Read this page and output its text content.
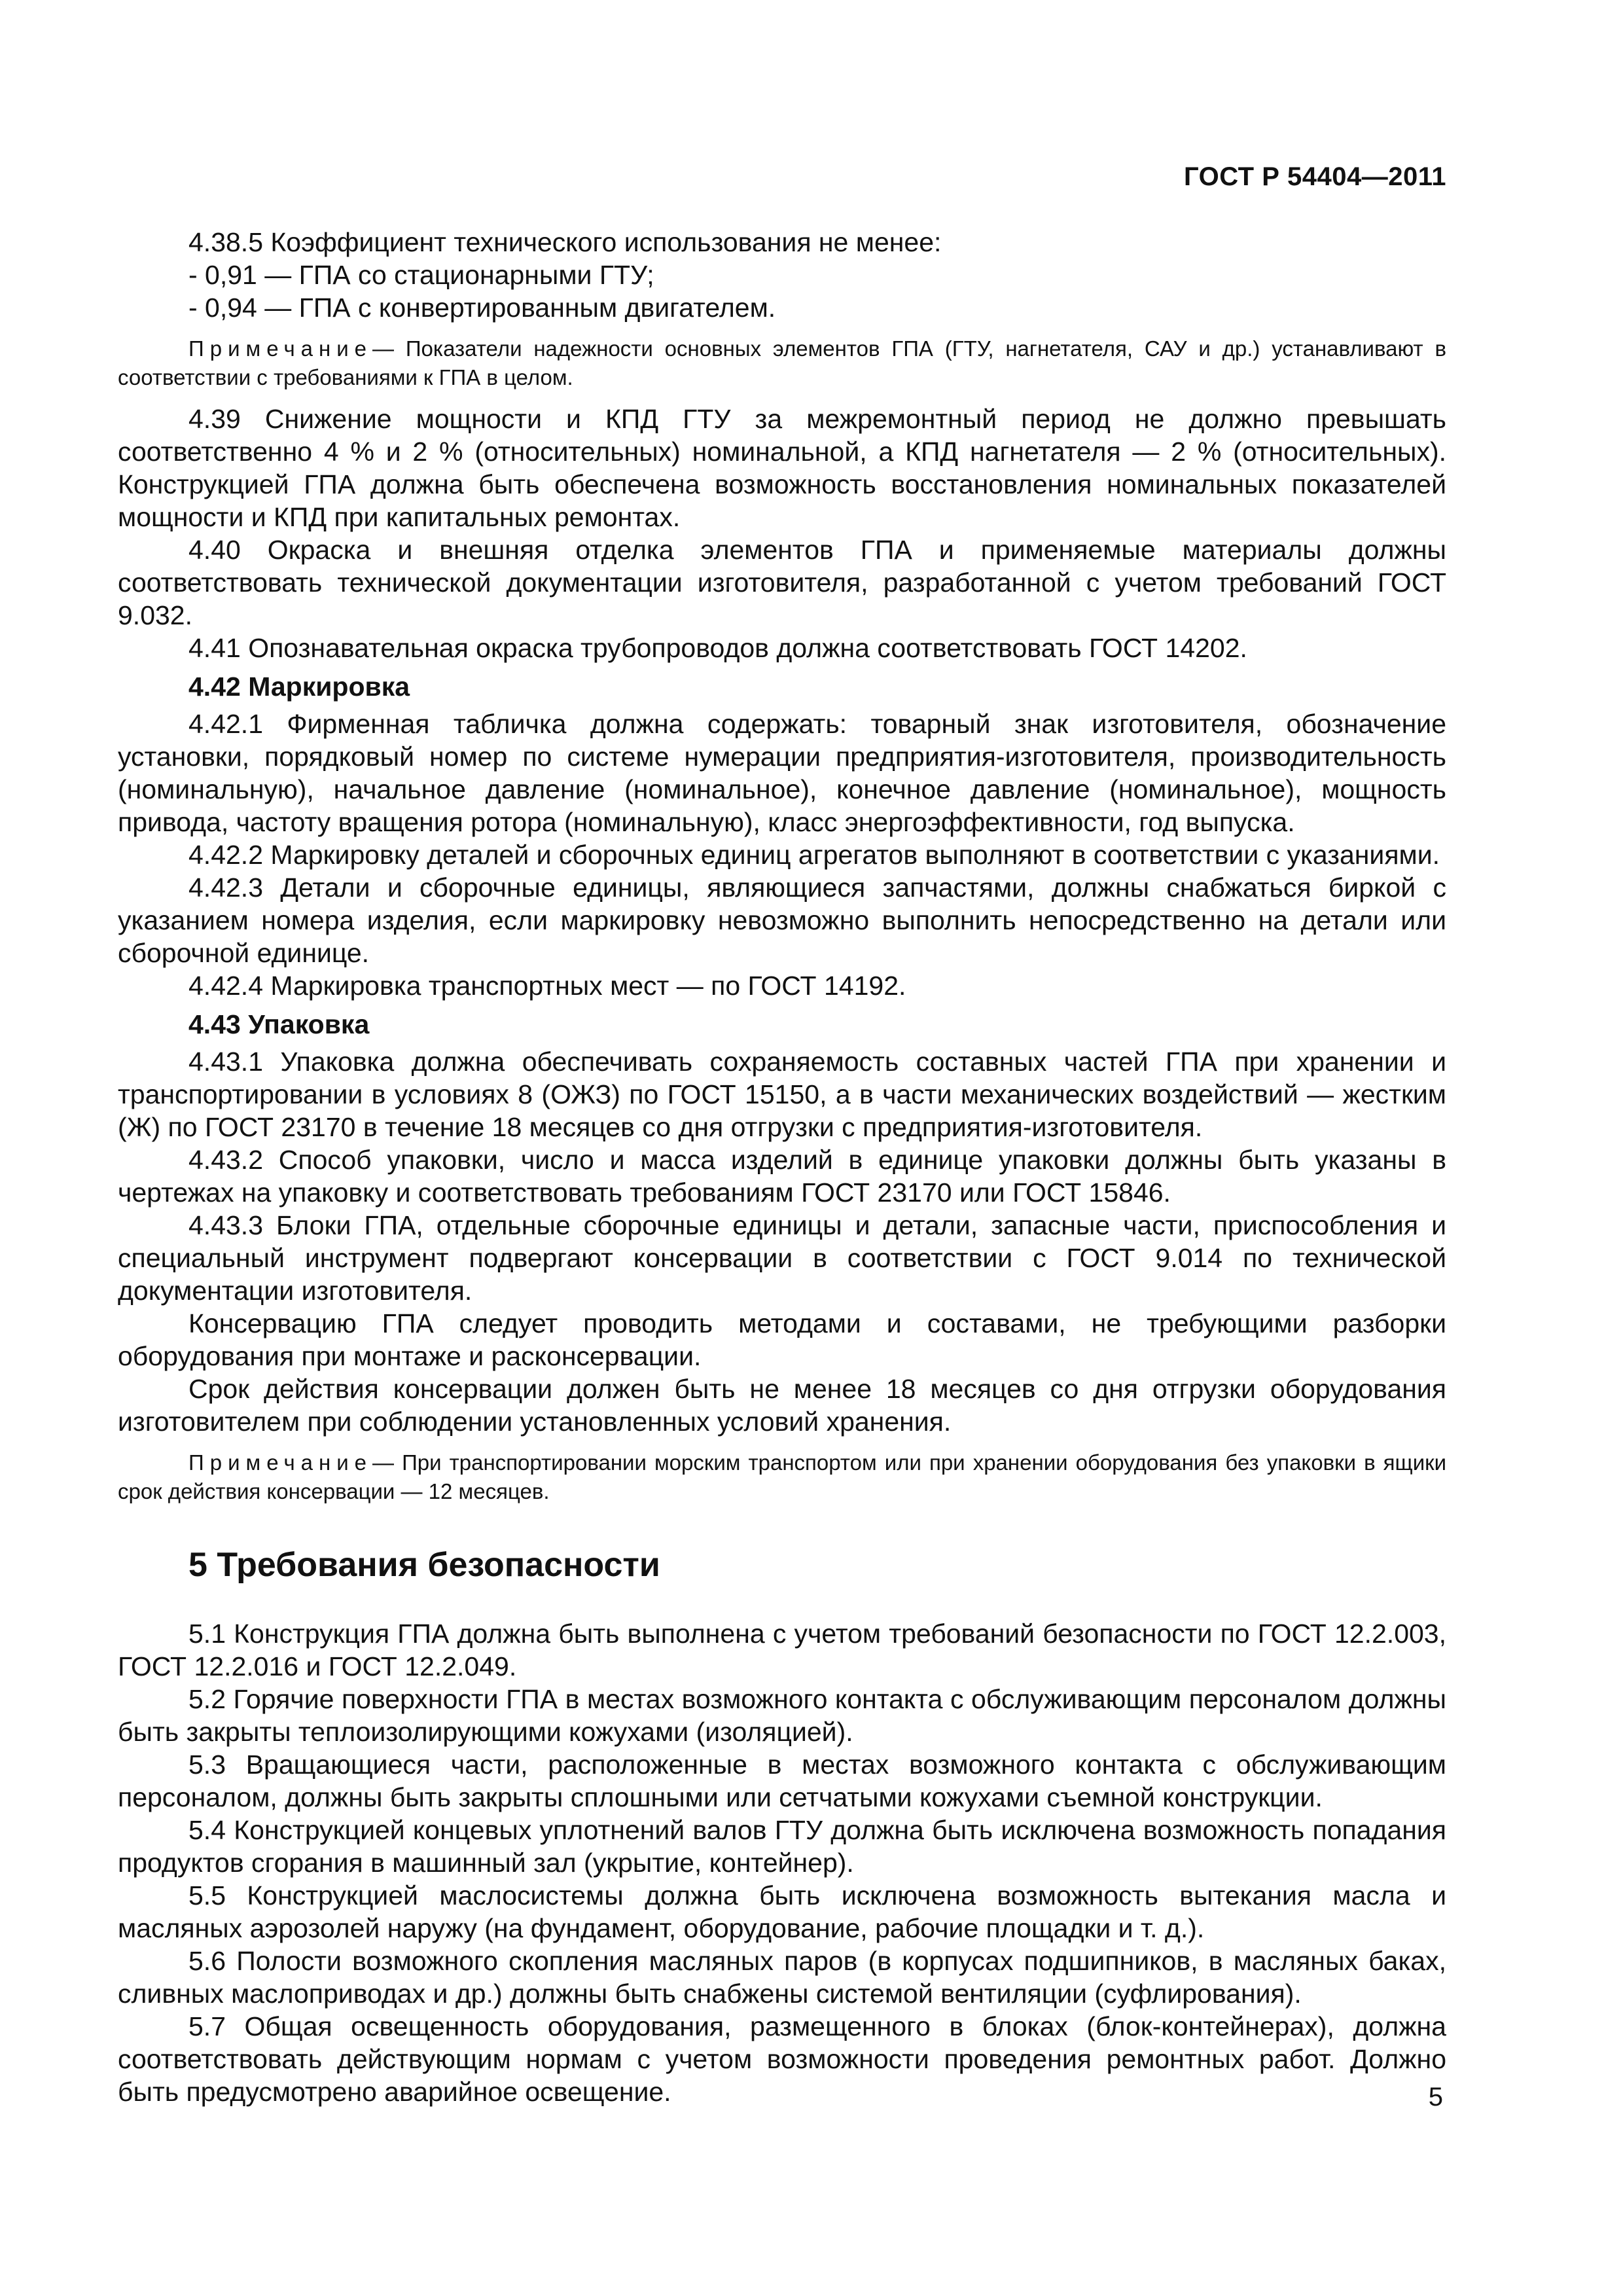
ГОСТ Р 54404—2011

4.38.5 Коэффициент технического использования не менее:

- 0,91 — ГПА со стационарными ГТУ;

- 0,94 — ГПА с конвертированным двигателем.

Примечание— Показатели надежности основных элементов ГПА (ГТУ, нагнетателя, САУ и др.) устанавливают в соответствии с требованиями к ГПА в целом.

4.39 Снижение мощности и КПД ГТУ за межремонтный период не должно превышать соответственно 4 % и 2 % (относительных) номинальной, а КПД нагнетателя — 2 % (относительных). Конструкцией ГПА должна быть обеспечена возможность восстановления номинальных показателей мощности и КПД при капитальных ремонтах.

4.40 Окраска и внешняя отделка элементов ГПА и применяемые материалы должны соответствовать технической документации изготовителя, разработанной с учетом требований ГОСТ 9.032.

4.41 Опознавательная окраска трубопроводов должна соответствовать ГОСТ 14202.

4.42 Маркировка

4.42.1 Фирменная табличка должна содержать: товарный знак изготовителя, обозначение установки, порядковый номер по системе нумерации предприятия-изготовителя, производительность (номинальную), начальное давление (номинальное), конечное давление (номинальное), мощность привода, частоту вращения ротора (номинальную), класс энергоэффективности, год выпуска.

4.42.2 Маркировку деталей и сборочных единиц агрегатов выполняют в соответствии с указаниями.

4.42.3 Детали и сборочные единицы, являющиеся запчастями, должны снабжаться биркой с указанием номера изделия, если маркировку невозможно выполнить непосредственно на детали или сборочной единице.

4.42.4 Маркировка транспортных мест — по ГОСТ 14192.

4.43 Упаковка

4.43.1 Упаковка должна обеспечивать сохраняемость составных частей ГПА при хранении и транспортировании в условиях 8 (ОЖЗ) по ГОСТ 15150, а в части механических воздействий — жестким (Ж) по ГОСТ 23170 в течение 18 месяцев со дня отгрузки с предприятия-изготовителя.

4.43.2 Способ упаковки, число и масса изделий в единице упаковки должны быть указаны в чертежах на упаковку и соответствовать требованиям ГОСТ 23170 или ГОСТ 15846.

4.43.3 Блоки ГПА, отдельные сборочные единицы и детали, запасные части, приспособления и специальный инструмент подвергают консервации в соответствии с ГОСТ 9.014 по технической документации изготовителя.

Консервацию ГПА следует проводить методами и составами, не требующими разборки оборудования при монтаже и расконсервации.

Срок действия консервации должен быть не менее 18 месяцев со дня отгрузки оборудования изготовителем при соблюдении установленных условий хранения.

Примечание— При транспортировании морским транспортом или при хранении оборудования без упаковки в ящики срок действия консервации — 12 месяцев.

5 Требования безопасности

5.1 Конструкция ГПА должна быть выполнена с учетом требований безопасности по ГОСТ 12.2.003, ГОСТ 12.2.016 и ГОСТ 12.2.049.

5.2 Горячие поверхности ГПА в местах возможного контакта с обслуживающим персоналом должны быть закрыты теплоизолирующими кожухами (изоляцией).

5.3 Вращающиеся части, расположенные в местах возможного контакта с обслуживающим персоналом, должны быть закрыты сплошными или сетчатыми кожухами съемной конструкции.

5.4 Конструкцией концевых уплотнений валов ГТУ должна быть исключена возможность попадания продуктов сгорания в машинный зал (укрытие, контейнер).

5.5 Конструкцией маслосистемы должна быть исключена возможность вытекания масла и масляных аэрозолей наружу (на фундамент, оборудование, рабочие площадки и т. д.).

5.6 Полости возможного скопления масляных паров (в корпусах подшипников, в масляных баках, сливных маслоприводах и др.) должны быть снабжены системой вентиляции (суфлирования).

5.7 Общая освещенность оборудования, размещенного в блоках (блок-контейнерах), должна соответствовать действующим нормам с учетом возможности проведения ремонтных работ. Должно быть предусмотрено аварийное освещение.	5
